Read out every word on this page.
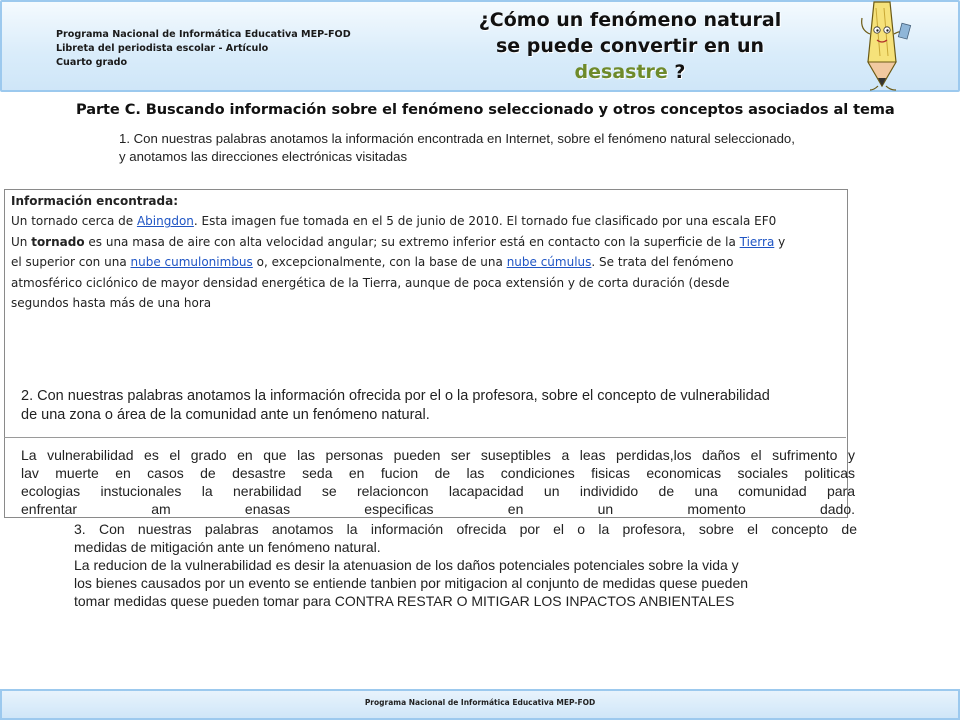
Programa Nacional de Informática Educativa MEP-FOD
Libreta del periodista escolar - Artículo
Cuarto grado
¿Cómo un fenómeno natural
se puede convertir en un desastre ?
Parte C. Buscando información sobre el fenómeno seleccionado y otros conceptos asociados al tema
1. Con nuestras palabras anotamos la información encontrada en Internet, sobre el fenómeno natural seleccionado,
y anotamos las direcciones electrónicas visitadas
Información encontrada:
Un tornado cerca de Abingdon. Esta imagen fue tomada en el 5 de junio de 2010. El tornado fue clasificado por una escala EF0
Un tornado es una masa de aire con alta velocidad angular; su extremo inferior está en contacto con la superficie de la Tierra y
el superior con una nube cumulonimbus o, excepcionalmente, con la base de una nube cúmulus. Se trata del fenómeno
atmosférico ciclónico de mayor densidad energética de la Tierra, aunque de poca extensión y de corta duración (desde
segundos hasta más de una hora
2. Con nuestras palabras anotamos la información ofrecida por el o la profesora, sobre el concepto de vulnerabilidad
de una zona o área de la comunidad ante un fenómeno natural.
La vulnerabilidad es el grado en que las personas pueden ser suseptibles a leas perdidas,los daños el sufrimento y
lav muerte en casos de desastre seda en fucion de las condiciones fisicas economicas sociales politicas
ecologias instucionales la nerabilidad se relacioncon lacapacidad un individido de una comunidad para
enfrentar am enasas especificas en un momento dado.
3. Con nuestras palabras anotamos la información ofrecida por el o la profesora, sobre el concepto de
medidas de mitigación ante un fenómeno natural.
La reducion de la vulnerabilidad es desir la atenuasion de los daños potenciales potenciales sobre la vida y
los bienes causados por un evento se entiende tanbien por mitigacion al conjunto de medidas quese pueden
tomar medidas quese pueden tomar para CONTRA RESTAR O MITIGAR LOS INPACTOS ANBIENTALES
Programa Nacional de Informática Educativa MEP-FOD
